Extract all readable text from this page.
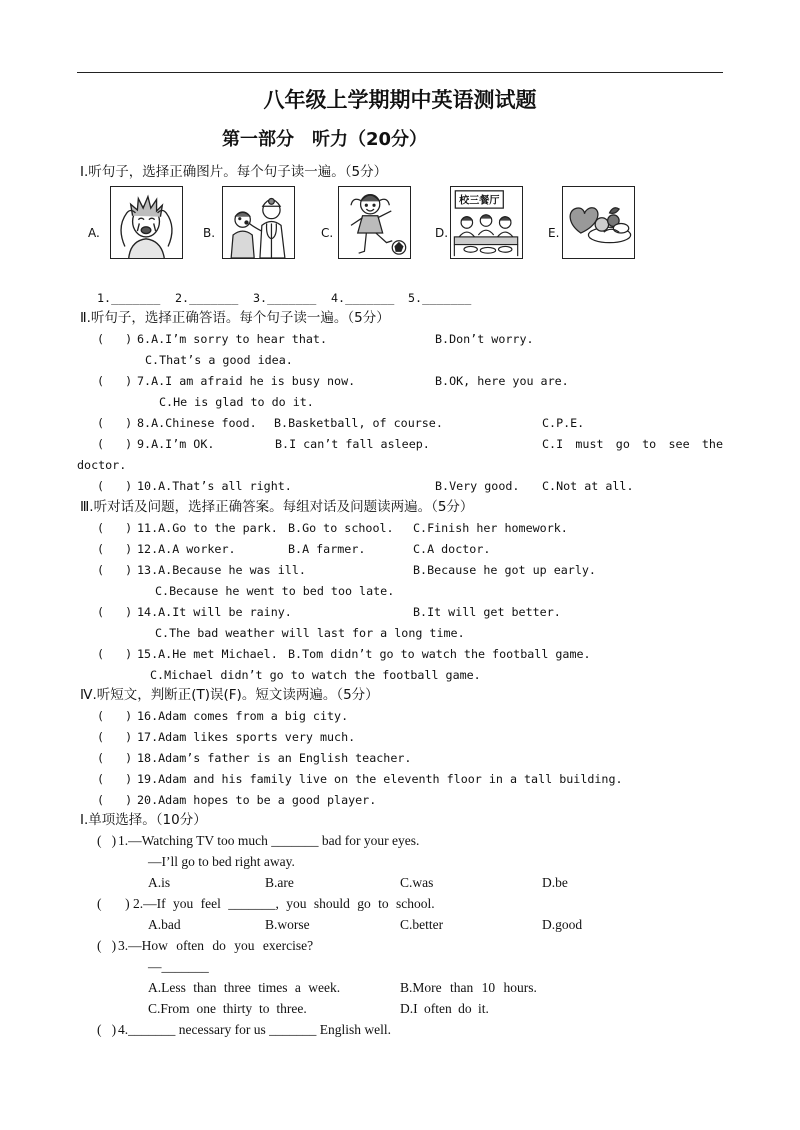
八年级上学期期中英语测试题
第一部分　听力（20分）
Ⅰ.听句子，选择正确图片。每个句子读一遍。（5分）
A.	B.	C.	D.
校三餐厅
E.
1._______ 2._______ 3._______ 4._______ 5._______
Ⅱ.听句子，选择正确答语。每个句子读一遍。（5分）
(   ) 6.A.I’m sorry to hear that.	B.Don’t worry.
C.That’s a good idea.
(   ) 7.A.I am afraid he is busy now.	B.OK, here you are.
C.He is glad to do it.
(   ) 8.A.Chinese food. B.Basketball, of course.	C.P.E.
(   ) 9.A.I’m OK.	B.I can’t fall asleep.	C.I must go to see the doctor.
(   ) 10.A.That’s all right.	B.Very good. C.Not at all.
Ⅲ.听对话及问题，选择正确答案。每组对话及问题读两遍。（5分）
(   ) 11.A.Go to the park. B.Go to school. C.Finish her homework.
(   ) 12.A.A worker.	B.A farmer.	C.A doctor.
(   ) 13.A.Because he was ill.	B.Because he got up early.
C.Because he went to bed too late.
(   ) 14.A.It will be rainy.	B.It will get better.
C.The bad weather will last for a long time.
(   ) 15.A.He met Michael. B.Tom didn’t go to watch the football game.
C.Michael didn’t go to watch the football game.
Ⅳ.听短文，判断正(T)误(F)。短文读两遍。（5分）
(   ) 16.Adam comes from a big city.
(   ) 17.Adam likes sports very much.
(   ) 18.Adam’s father is an English teacher.
(   ) 19.Adam and his family live on the eleventh floor in a tall building.
(   ) 20.Adam hopes to be a good player.
Ⅰ.单项选择。（10分）
(   ) 1.—Watching TV too much _______ bad for your eyes.
—I’ll go to bed right away.
A.is	B.are	C.was	D.be
(       ) 2.—If you feel _______, you should go to school.
A.bad	B.worse	C.better	D.good
(   ) 3.—How often do you exercise?
—_______
A.Less than three times a week.	B.More than 10 hours.
C.From one thirty to three.	D.I often do it.
(   ) 4._______ necessary for us _______ English well.
